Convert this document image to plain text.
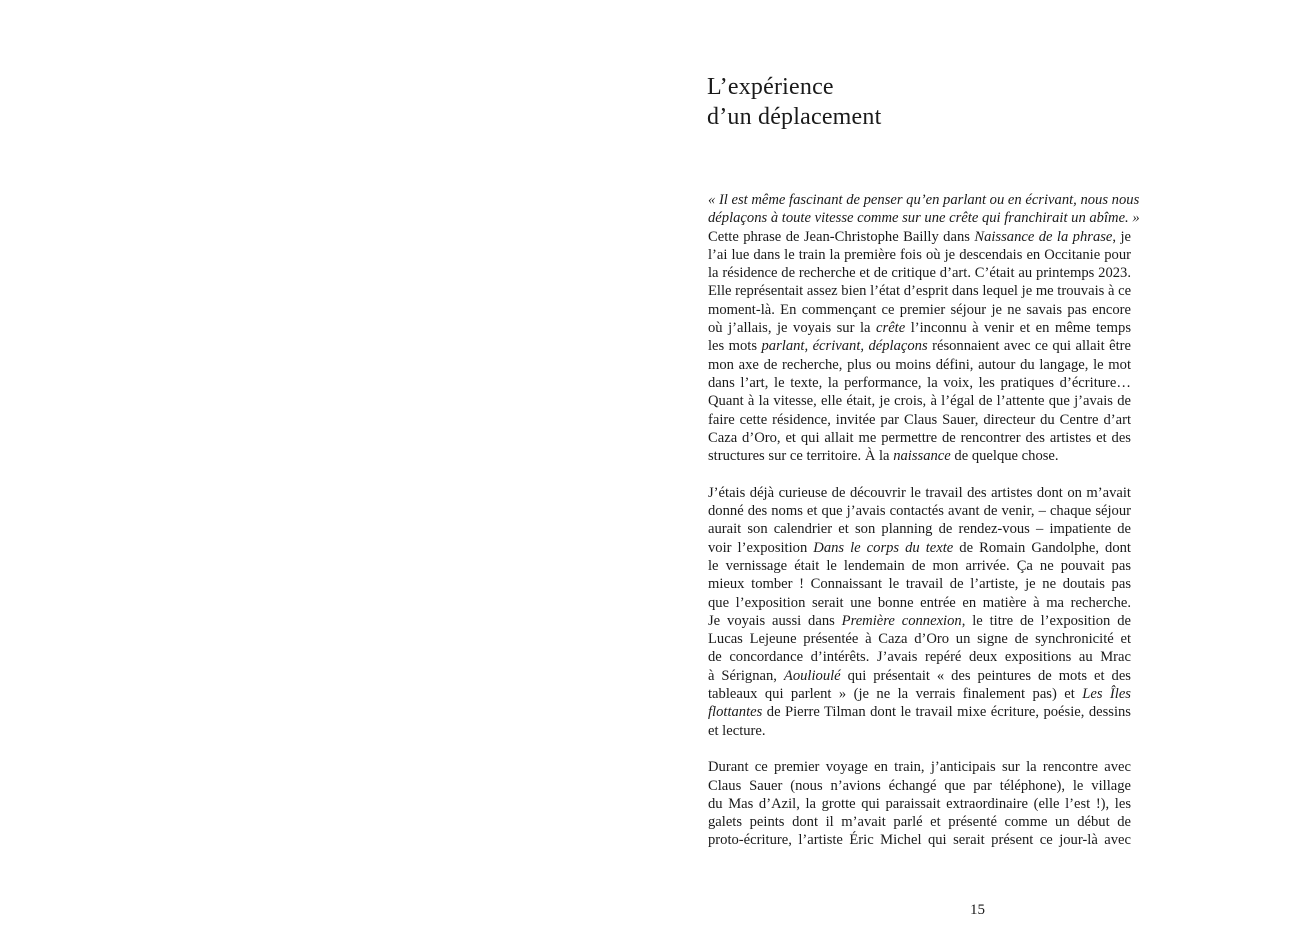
L’expérience
d’un déplacement
« Il est même fascinant de penser qu’en parlant ou en écrivant, nous nous
déplaçons à toute vitesse comme sur une crête qui franchirait un abîme. »
Cette phrase de Jean-Christophe Bailly dans Naissance de la phrase, je
l’ai lue dans le train la première fois où je descendais en Occitanie pour
la résidence de recherche et de critique d’art. C’était au printemps 2023.
Elle représentait assez bien l’état d’esprit dans lequel je me trouvais à ce
moment-là. En commençant ce premier séjour je ne savais pas encore
où j’allais, je voyais sur la crête l’inconnu à venir et en même temps
les mots parlant, écrivant, déplaçons résonnaient avec ce qui allait être
mon axe de recherche, plus ou moins défini, autour du langage, le mot
dans l’art, le texte, la performance, la voix, les pratiques d’écriture…
Quant à la vitesse, elle était, je crois, à l’égal de l’attente que j’avais de
faire cette résidence, invitée par Claus Sauer, directeur du Centre d’art
Caza d’Oro, et qui allait me permettre de rencontrer des artistes et des
structures sur ce territoire. À la naissance de quelque chose.
J’étais déjà curieuse de découvrir le travail des artistes dont on m’avait
donné des noms et que j’avais contactés avant de venir, – chaque séjour
aurait son calendrier et son planning de rendez-vous – impatiente de
voir l’exposition Dans le corps du texte de Romain Gandolphe, dont
le vernissage était le lendemain de mon arrivée. Ça ne pouvait pas
mieux tomber ! Connaissant le travail de l’artiste, je ne doutais pas
que l’exposition serait une bonne entrée en matière à ma recherche.
Je voyais aussi dans Première connexion, le titre de l’exposition de
Lucas Lejeune présentée à Caza d’Oro un signe de synchronicité et
de concordance d’intérêts. J’avais repéré deux expositions au Mrac
à Sérignan, Aoulioulé qui présentait « des peintures de mots et des
tableaux qui parlent » (je ne la verrais finalement pas) et Les Îles
flottantes de Pierre Tilman dont le travail mixe écriture, poésie, dessins
et lecture.
Durant ce premier voyage en train, j’anticipais sur la rencontre avec
Claus Sauer (nous n’avions échangé que par téléphone), le village
du Mas d’Azil, la grotte qui paraissait extraordinaire (elle l’est !), les
galets peints dont il m’avait parlé et présenté comme un début de
proto-écriture, l’artiste Éric Michel qui serait présent ce jour-là avec
15
